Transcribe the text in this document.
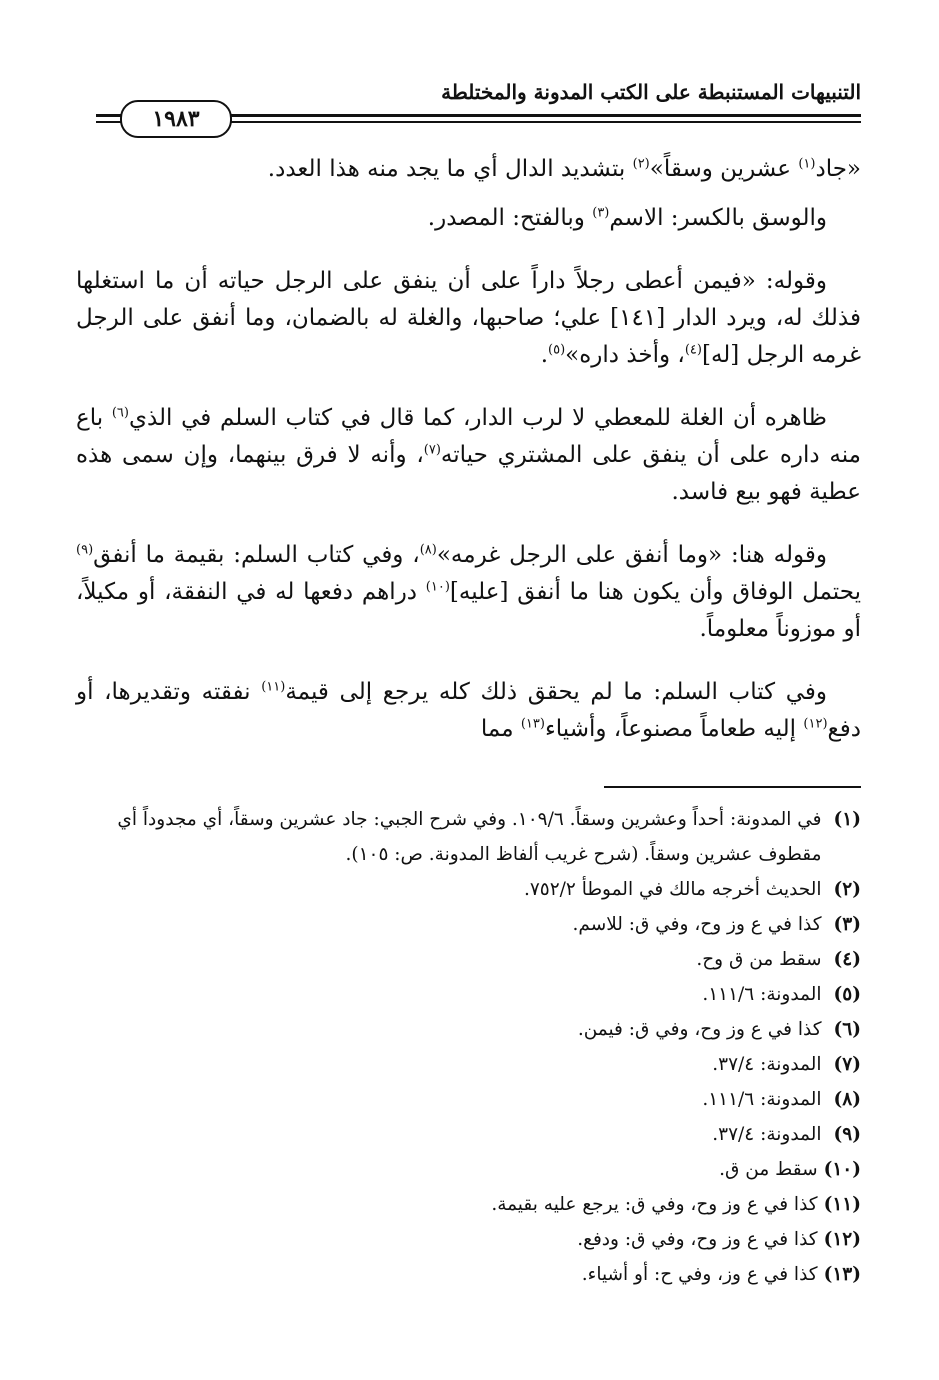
التنبيهات المستنبطة على الكتب المدونة والمختلطة
١٩٨٣

«جاد$^{(١)}$ عشرين وسقاً»$^{(٢)}$ بتشديد الدال أي ما يجد منه هذا العدد.

والوسق بالكسر: الاسم$^{(٣)}$ وبالفتح: المصدر.

وقوله: «فيمن أعطى رجلاً داراً على أن ينفق على الرجل حياته أن ما استغلها فذلك له، ويرد الدار [١٤١] علي؛ صاحبها، والغلة له بالضمان، وما أنفق على الرجل غرمه الرجل [له]$^{(٤)}$، وأخذ داره»$^{(٥)}$.

ظاهره أن الغلة للمعطي لا لرب الدار، كما قال في كتاب السلم في الذي$^{(٦)}$ باع منه داره على أن ينفق على المشتري حياته$^{(٧)}$، وأنه لا فرق بينهما، وإن سمى هذه عطية فهو بيع فاسد.

وقوله هنا: «وما أنفق على الرجل غرمه»$^{(٨)}$، وفي كتاب السلم: بقيمة ما أنفق$^{(٩)}$ يحتمل الوفاق وأن يكون هنا ما أنفق [عليه]$^{(١٠)}$ دراهم دفعها له في النفقة، أو مكيلاً، أو موزوناً معلوماً.

وفي كتاب السلم: ما لم يحقق ذلك كله يرجع إلى قيمة$^{(١١)}$ نفقته وتقديرها، أو دفع$^{(١٢)}$ إليه طعاماً مصنوعاً، وأشياء$^{(١٣)}$ مما

(١)
في المدونة: أحداً وعشرين وسقاً. ١٠٩/٦. وفي شرح الجبي: جاد عشرين وسقاً، أي مجدوداً أي مقطوف عشرين وسقاً. (شرح غريب ألفاظ المدونة. ص: ١٠٥).
(٢)
الحديث أخرجه مالك في الموطأ ٧٥٢/٢.
(٣)
كذا في ع وز وح، وفي ق: للاسم.
(٤)
سقط من ق وح.
(٥)
المدونة: ١١١/٦.
(٦)
كذا في ع وز وح، وفي ق: فيمن.
(٧)
المدونة: ٣٧/٤.
(٨)
المدونة: ١١١/٦.
(٩)
المدونة: ٣٧/٤.
(١٠)
سقط من ق.
(١١)
كذا في ع وز وح، وفي ق: يرجع عليه بقيمة.
(١٢)
كذا في ع وز وح، وفي ق: ودفع.
(١٣)
كذا في ع وز، وفي ح: أو أشياء.
